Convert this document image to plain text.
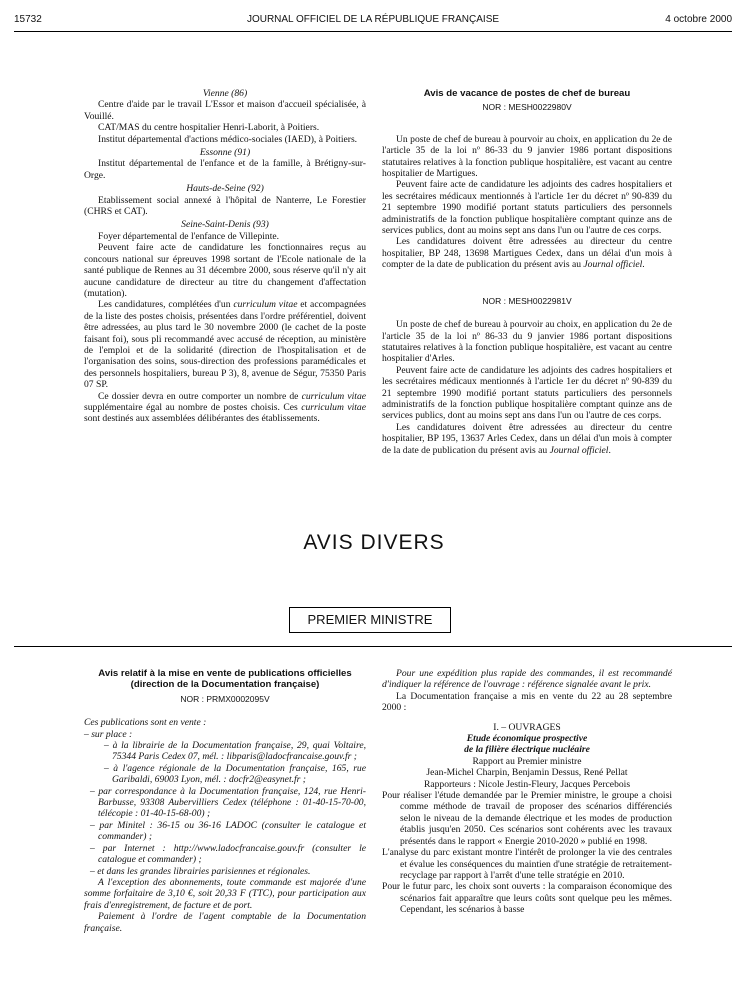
15732	JOURNAL OFFICIEL DE LA RÉPUBLIQUE FRANÇAISE	4 octobre 2000

Vienne (86)

Centre d'aide par le travail L'Essor et maison d'accueil spécialisée, à Vouillé.

CAT/MAS du centre hospitalier Henri-Laborit, à Poitiers.

Institut départemental d'actions médico-sociales (IAED), à Poitiers.

Essonne (91)

Institut départemental de l'enfance et de la famille, à Brétigny-sur-Orge.

Hauts-de-Seine (92)

Etablissement social annexé à l'hôpital de Nanterre, Le Forestier (CHRS et CAT).

Seine-Saint-Denis (93)

Foyer départemental de l'enfance de Villepinte.

Peuvent faire acte de candidature les fonctionnaires reçus au concours national sur épreuves 1998 sortant de l'Ecole nationale de la santé publique de Rennes au 31 décembre 2000, sous réserve qu'il n'y ait aucune candidature de directeur au titre du changement d'affectation (mutation).

Les candidatures, complétées d'un curriculum vitae et accompagnées de la liste des postes choisis, présentées dans l'ordre préférentiel, doivent être adressées, au plus tard le 30 novembre 2000 (le cachet de la poste faisant foi), sous pli recommandé avec accusé de réception, au ministère de l'emploi et de la solidarité (direction de l'hospitalisation et de l'organisation des soins, sous-direction des professions paramédicales et des personnels hospitaliers, bureau P 3), 8, avenue de Ségur, 75350 Paris 07 SP.

Ce dossier devra en outre comporter un nombre de curriculum vitae supplémentaire égal au nombre de postes choisis. Ces curriculum vitae sont destinés aux assemblées délibérantes des établissements.

Avis de vacance de postes de chef de bureau

NOR : MESH0022980V

Un poste de chef de bureau à pourvoir au choix, en application du 2e de l'article 35 de la loi nº 86-33 du 9 janvier 1986 portant dispositions statutaires relatives à la fonction publique hospitalière, est vacant au centre hospitalier de Martigues.

Peuvent faire acte de candidature les adjoints des cadres hospitaliers et les secrétaires médicaux mentionnés à l'article 1er du décret nº 90-839 du 21 septembre 1990 modifié portant statuts particuliers des personnels administratifs de la fonction publique hospitalière comptant quinze ans de services publics, dont au moins sept ans dans l'un ou l'autre de ces corps.

Les candidatures doivent être adressées au directeur du centre hospitalier, BP 248, 13698 Martigues Cedex, dans un délai d'un mois à compter de la date de publication du présent avis au Journal officiel.

NOR : MESH0022981V

Un poste de chef de bureau à pourvoir au choix, en application du 2e de l'article 35 de la loi nº 86-33 du 9 janvier 1986 portant dispositions statutaires relatives à la fonction publique hospitalière, est vacant au centre hospitalier d'Arles.

Peuvent faire acte de candidature les adjoints des cadres hospitaliers et les secrétaires médicaux mentionnés à l'article 1er du décret nº 90-839 du 21 septembre 1990 modifié portant statuts particuliers des personnels administratifs de la fonction publique hospitalière comptant quinze ans de services publics, dont au moins sept ans dans l'un ou l'autre de ces corps.

Les candidatures doivent être adressées au directeur du centre hospitalier, BP 195, 13637 Arles Cedex, dans un délai d'un mois à compter de la date de publication du présent avis au Journal officiel.

AVIS DIVERS
PREMIER MINISTRE

Avis relatif à la mise en vente de publications officielles

(direction de la Documentation française)

NOR : PRMX0002095V

Ces publications sont en vente :

– sur place :

– à la librairie de la Documentation française, 29, quai Voltaire, 75344 Paris Cedex 07, mél. : libparis@ladocfrancaise.gouv.fr ;

– à l'agence régionale de la Documentation française, 165, rue Garibaldi, 69003 Lyon, mél. : docfr2@easynet.fr ;

– par correspondance à la Documentation française, 124, rue Henri-Barbusse, 93308 Aubervilliers Cedex (téléphone : 01-40-15-70-00, télécopie : 01-40-15-68-00) ;

– par Minitel : 36-15 ou 36-16 LADOC (consulter le catalogue et commander) ;

– par Internet : http://www.ladocfrancaise.gouv.fr (consulter le catalogue et commander) ;

– et dans les grandes librairies parisiennes et régionales.

A l'exception des abonnements, toute commande est majorée d'une somme forfaitaire de 3,10 €, soit 20,33 F (TTC), pour participation aux frais d'enregistrement, de facture et de port.

Paiement à l'ordre de l'agent comptable de la Documentation française.

Pour une expédition plus rapide des commandes, il est recommandé d'indiquer la référence de l'ouvrage : référence signalée avant le prix.

La Documentation française a mis en vente du 22 au 28 septembre 2000 :

I. – OUVRAGES

Etude économique prospective

de la filière électrique nucléaire

Rapport au Premier ministre

Jean-Michel Charpin, Benjamin Dessus, René Pellat

Rapporteurs : Nicole Jestin-Fleury, Jacques Percebois

Pour réaliser l'étude demandée par le Premier ministre, le groupe a choisi comme méthode de travail de proposer des scénarios différenciés selon le niveau de la demande électrique et les modes de production établis jusqu'en 2050. Ces scénarios sont cohérents avec les travaux présentés dans le rapport « Energie 2010-2020 » publié en 1998.

L'analyse du parc existant montre l'intérêt de prolonger la vie des centrales et évalue les conséquences du maintien d'une stratégie de retraitement-recyclage par rapport à l'arrêt d'une telle stratégie en 2010.

Pour le futur parc, les choix sont ouverts : la comparaison économique des scénarios fait apparaître que leurs coûts sont quelque peu les mêmes. Cependant, les scénarios à basse
